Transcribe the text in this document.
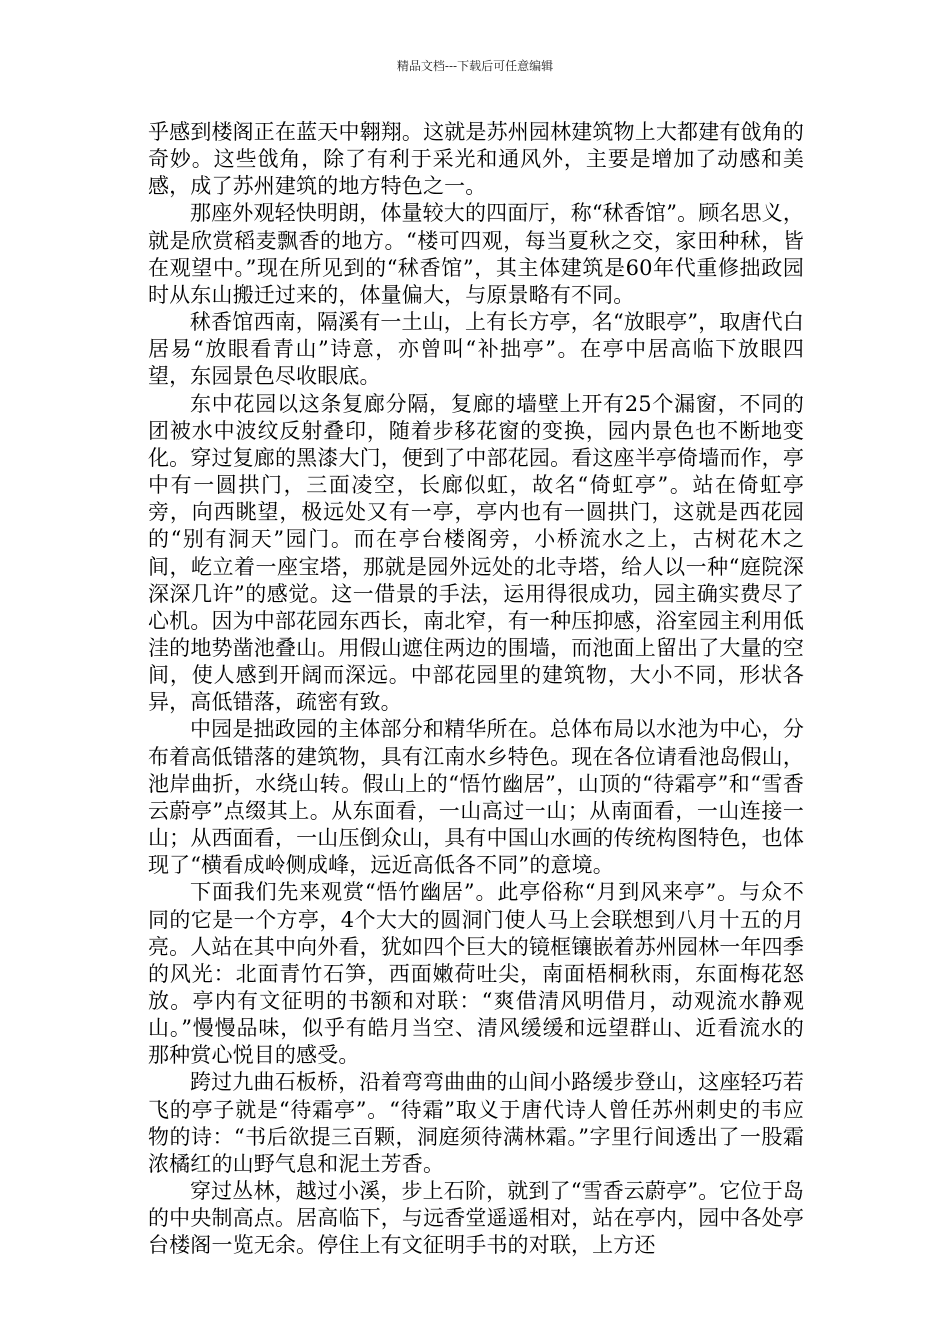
精品文档---下载后可任意编辑

乎感到楼阁正在蓝天中翱翔。这就是苏州园林建筑物上大都建有戗角的奇妙。这些戗角，除了有利于采光和通风外，主要是增加了动感和美感，成了苏州建筑的地方特色之一。

那座外观轻快明朗，体量较大的四面厅，称“秫香馆”。顾名思义，就是欣赏稻麦飘香的地方。“楼可四观，每当夏秋之交，家田种秫，皆在观望中。”现在所见到的“秫香馆”，其主体建筑是60年代重修拙政园时从东山搬迁过来的，体量偏大，与原景略有不同。

秫香馆西南，隔溪有一土山，上有长方亭，名“放眼亭”，取唐代白居易“放眼看青山”诗意，亦曾叫“补拙亭”。在亭中居高临下放眼四望，东园景色尽收眼底。

东中花园以这条复廊分隔，复廊的墙壁上开有25个漏窗，不同的团被水中波纹反射叠印，随着步移花窗的变换，园内景色也不断地变化。穿过复廊的黑漆大门，便到了中部花园。看这座半亭倚墙而作，亭中有一圆拱门，三面凌空，长廊似虹，故名“倚虹亭”。站在倚虹亭旁，向西眺望，极远处又有一亭，亭内也有一圆拱门，这就是西花园的“别有洞天”园门。而在亭台楼阁旁，小桥流水之上，古树花木之间，屹立着一座宝塔，那就是园外远处的北寺塔，给人以一种“庭院深深深几许”的感觉。这一借景的手法，运用得很成功，园主确实费尽了心机。因为中部花园东西长，南北窄，有一种压抑感，浴室园主利用低洼的地势凿池叠山。用假山遮住两边的围墙，而池面上留出了大量的空间，使人感到开阔而深远。中部花园里的建筑物，大小不同，形状各异，高低错落，疏密有致。

中园是拙政园的主体部分和精华所在。总体布局以水池为中心，分布着高低错落的建筑物，具有江南水乡特色。现在各位请看池岛假山，池岸曲折，水绕山转。假山上的“悟竹幽居”，山顶的“待霜亭”和“雪香云蔚亭”点缀其上。从东面看，一山高过一山；从南面看，一山连接一山；从西面看，一山压倒众山，具有中国山水画的传统构图特色，也体现了“横看成岭侧成峰，远近高低各不同”的意境。

下面我们先来观赏“悟竹幽居”。此亭俗称“月到风来亭”。与众不同的它是一个方亭，4个大大的圆洞门使人马上会联想到八月十五的月亮。人站在其中向外看，犹如四个巨大的镜框镶嵌着苏州园林一年四季的风光：北面青竹石笋，西面嫩荷吐尖，南面梧桐秋雨，东面梅花怒放。亭内有文征明的书额和对联：“爽借清风明借月，动观流水静观山。”慢慢品味，似乎有皓月当空、清风缓缓和远望群山、近看流水的那种赏心悦目的感受。

跨过九曲石板桥，沿着弯弯曲曲的山间小路缓步登山，这座轻巧若飞的亭子就是“待霜亭”。“待霜”取义于唐代诗人曾任苏州刺史的韦应物的诗：“书后欲提三百颗，洞庭须待满林霜。”字里行间透出了一股霜浓橘红的山野气息和泥土芳香。

穿过丛林，越过小溪，步上石阶，就到了“雪香云蔚亭”。它位于岛的中央制高点。居高临下，与远香堂遥遥相对，站在亭内，园中各处亭台楼阁一览无余。停住上有文征明手书的对联，上方还
